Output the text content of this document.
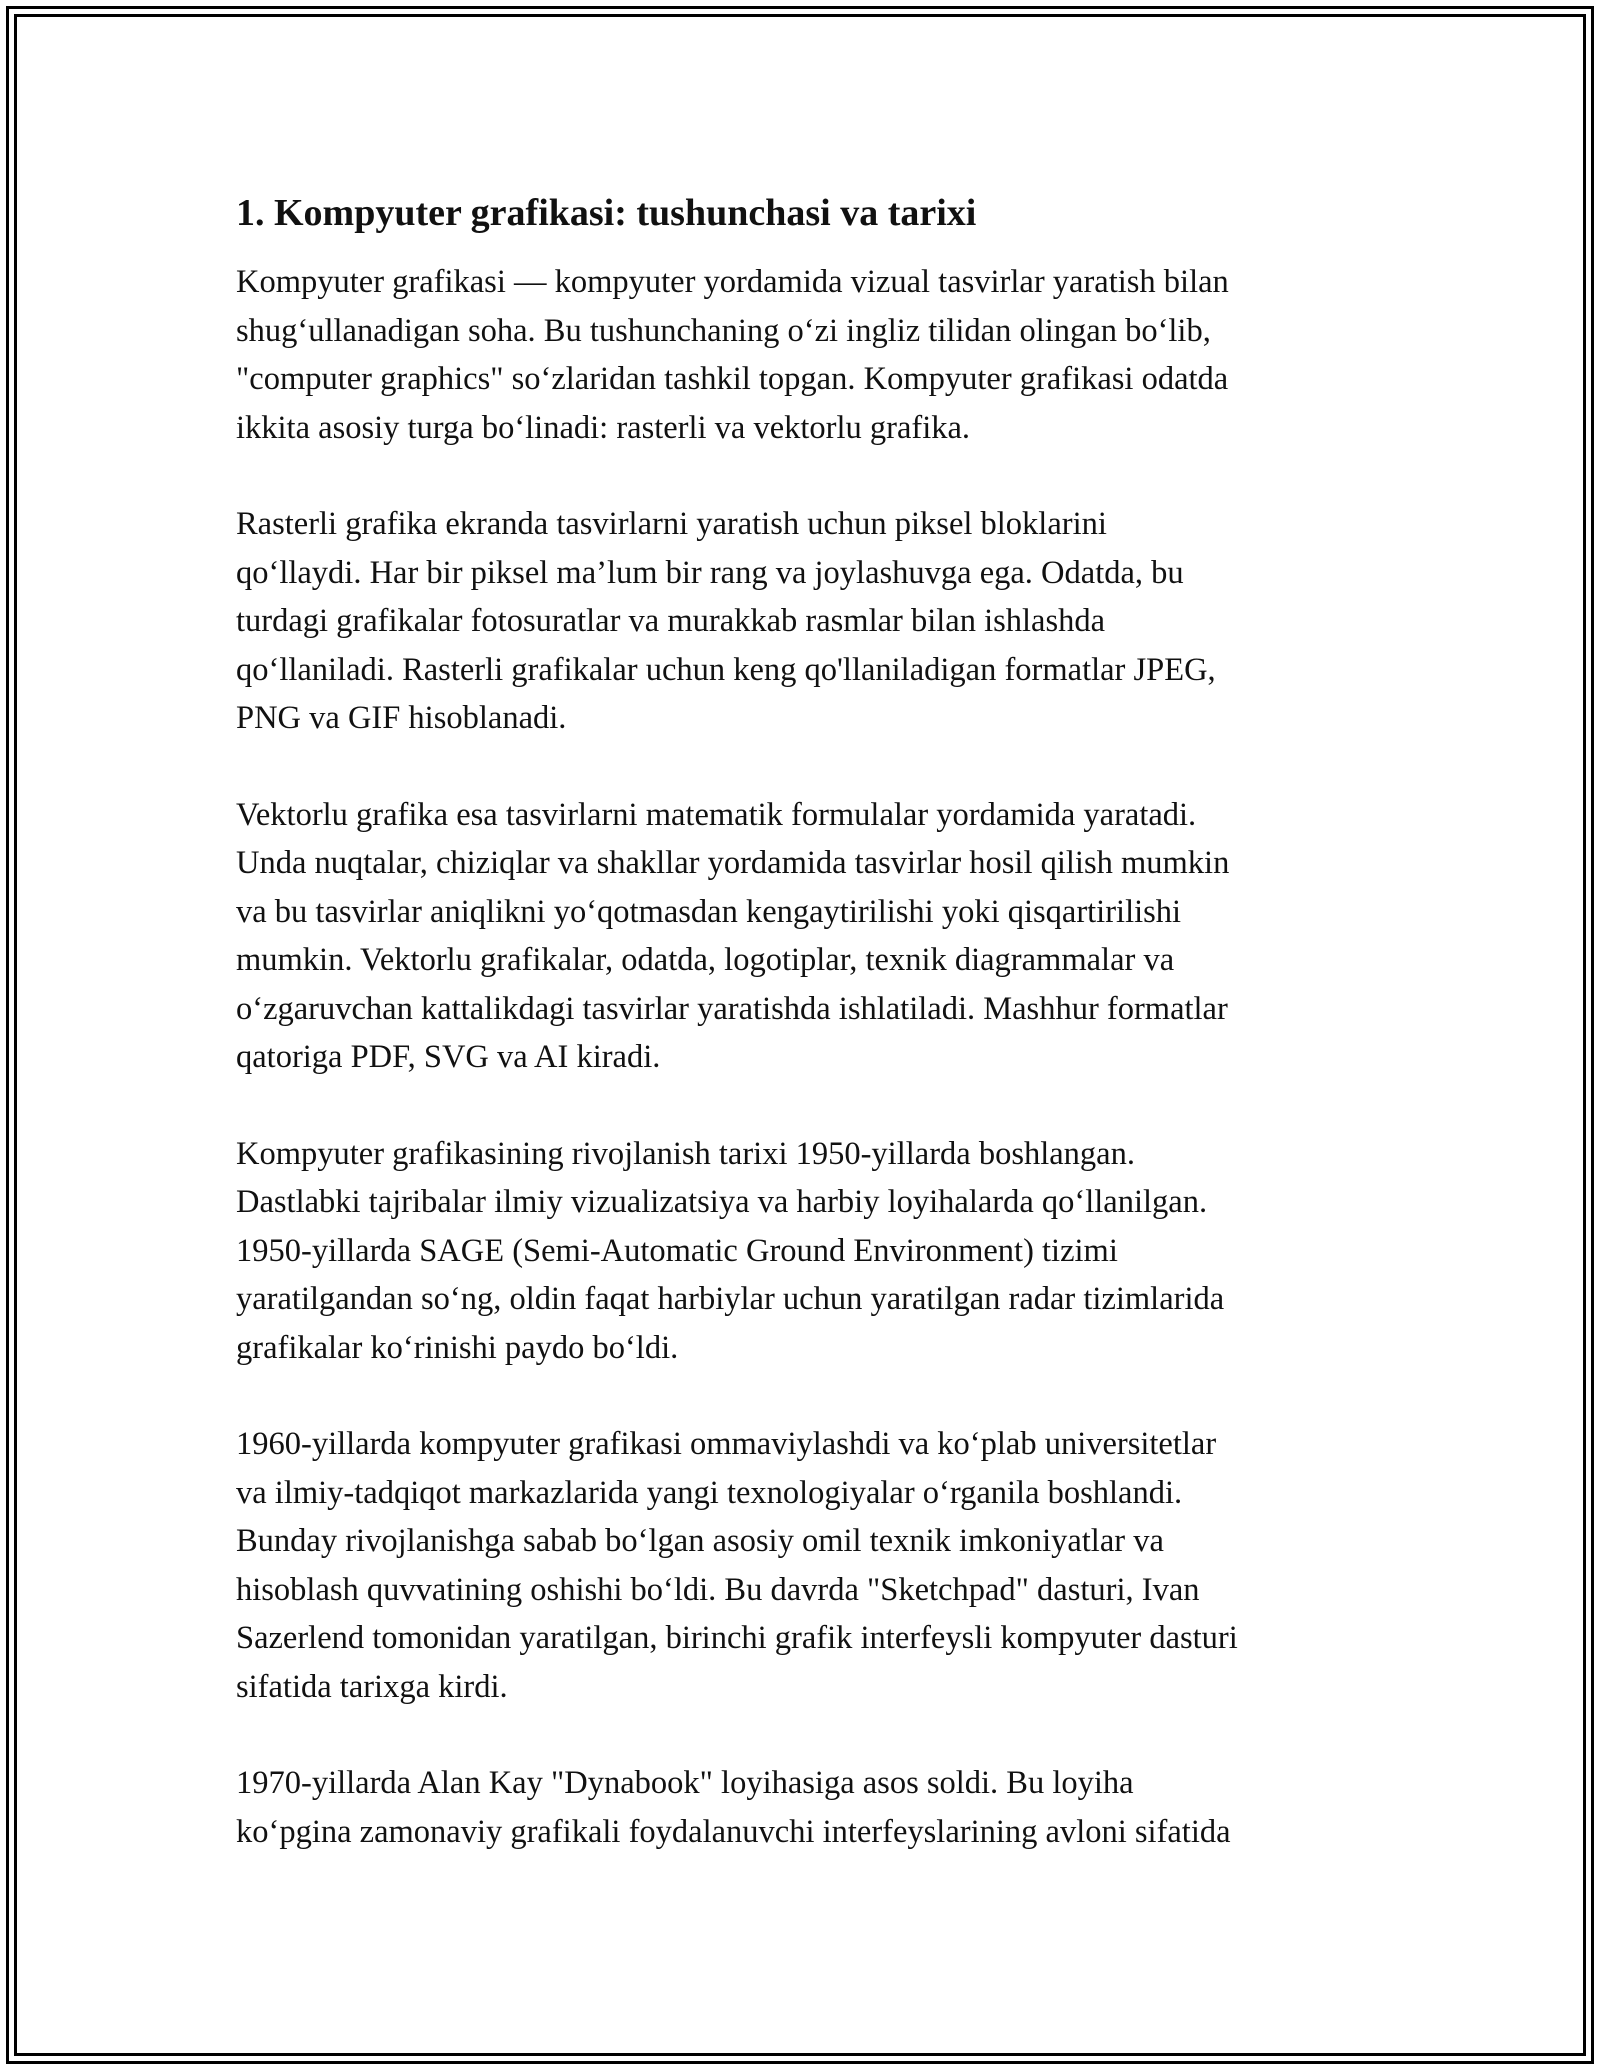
1. Kompyuter grafikasi: tushunchasi va tarixi

Kompyuter grafikasi — kompyuter yordamida vizual tasvirlar yaratish bilan
shug‘ullanadigan soha. Bu tushunchaning o‘zi ingliz tilidan olingan bo‘lib,
"computer graphics" so‘zlaridan tashkil topgan. Kompyuter grafikasi odatda
ikkita asosiy turga bo‘linadi: rasterli va vektorlu grafika.

Rasterli grafika ekranda tasvirlarni yaratish uchun piksel bloklarini
qo‘llaydi. Har bir piksel ma’lum bir rang va joylashuvga ega. Odatda, bu
turdagi grafikalar fotosuratlar va murakkab rasmlar bilan ishlashda
qo‘llaniladi. Rasterli grafikalar uchun keng qo'llaniladigan formatlar JPEG,
PNG va GIF hisoblanadi.

Vektorlu grafika esa tasvirlarni matematik formulalar yordamida yaratadi.
Unda nuqtalar, chiziqlar va shakllar yordamida tasvirlar hosil qilish mumkin
va bu tasvirlar aniqlikni yo‘qotmasdan kengaytirilishi yoki qisqartirilishi
mumkin. Vektorlu grafikalar, odatda, logotiplar, texnik diagrammalar va
o‘zgaruvchan kattalikdagi tasvirlar yaratishda ishlatiladi. Mashhur formatlar
qatoriga PDF, SVG va AI kiradi.

Kompyuter grafikasining rivojlanish tarixi 1950-yillarda boshlangan.
Dastlabki tajribalar ilmiy vizualizatsiya va harbiy loyihalarda qo‘llanilgan.
1950-yillarda SAGE (Semi-Automatic Ground Environment) tizimi
yaratilgandan so‘ng, oldin faqat harbiylar uchun yaratilgan radar tizimlarida
grafikalar ko‘rinishi paydo bo‘ldi.

1960-yillarda kompyuter grafikasi ommaviylashdi va ko‘plab universitetlar
va ilmiy-tadqiqot markazlarida yangi texnologiyalar o‘rganila boshlandi.
Bunday rivojlanishga sabab bo‘lgan asosiy omil texnik imkoniyatlar va
hisoblash quvvatining oshishi bo‘ldi. Bu davrda "Sketchpad" dasturi, Ivan
Sazerlend tomonidan yaratilgan, birinchi grafik interfeysli kompyuter dasturi
sifatida tarixga kirdi.

1970-yillarda Alan Kay "Dynabook" loyihasiga asos soldi. Bu loyiha
ko‘pgina zamonaviy grafikali foydalanuvchi interfeyslarining avloni sifatida
